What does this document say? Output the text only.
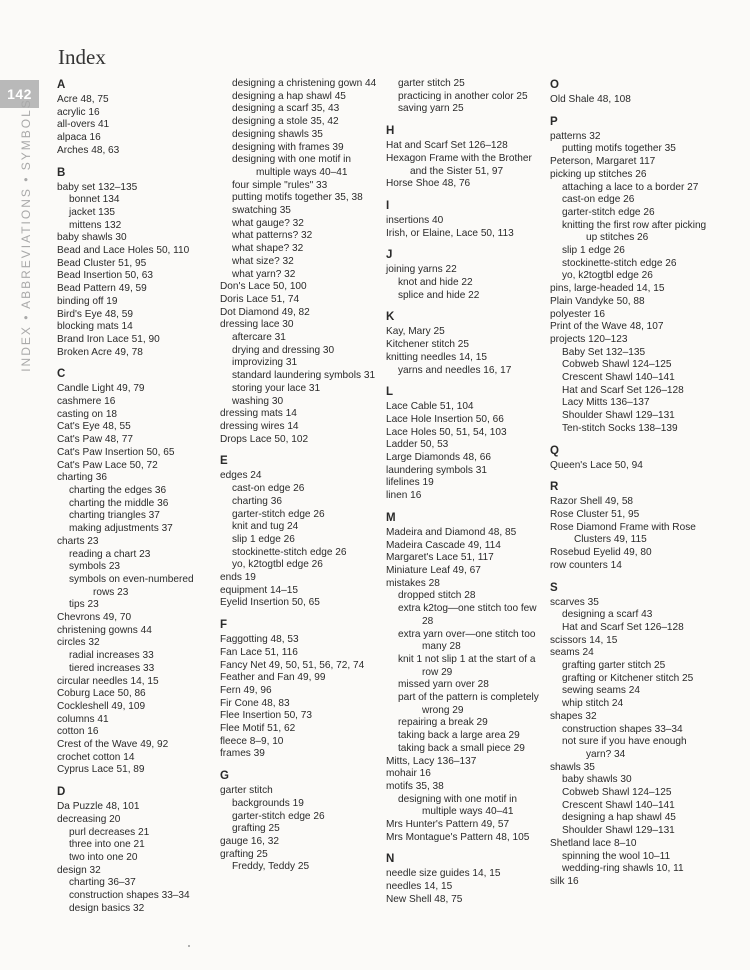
Index
142

INDEX • ABBREVIATIONS • SYMBOLS

A
Acre 48, 75
acrylic 16
all-overs 41
alpaca 16
Arches 48, 63
B
baby set 132–135
bonnet 134
jacket 135
mittens 132
baby shawls 30
Bead and Lace Holes 50, 110
Bead Cluster 51, 95
Bead Insertion 50, 63
Bead Pattern 49, 59
binding off 19
Bird's Eye 48, 59
blocking mats 14
Brand Iron Lace 51, 90
Broken Acre 49, 78
C
Candle Light 49, 79
cashmere 16
casting on 18
Cat's Eye 48, 55
Cat's Paw 48, 77
Cat's Paw Insertion 50, 65
Cat's Paw Lace 50, 72
charting 36
charting the edges 36
charting the middle 36
charting triangles 37
making adjustments 37
charts 23
reading a chart 23
symbols 23
symbols on even-numbered rows 23
tips 23
Chevrons 49, 70
christening gowns 44
circles 32
radial increases 33
tiered increases 33
circular needles 14, 15
Coburg Lace 50, 86
Cockleshell 49, 109
columns 41
cotton 16
Crest of the Wave 49, 92
crochet cotton 14
Cyprus Lace 51, 89
D
Da Puzzle 48, 101
decreasing 20
purl decreases 21
three into one 21
two into one 20
design 32
charting 36–37
construction shapes 33–34
design basics 32
designing a christening gown 44
designing a hap shawl 45
designing a scarf 35, 43
designing a stole 35, 42
designing shawls 35
designing with frames 39
designing with one motif in multiple ways 40–41
four simple "rules" 33
putting motifs together 35, 38
swatching 35
what gauge? 32
what patterns? 32
what shape? 32
what size? 32
what yarn? 32
Don's Lace 50, 100
Doris Lace 51, 74
Dot Diamond 49, 82
dressing lace 30
aftercare 31
drying and dressing 30
improvizing 31
standard laundering symbols 31
storing your lace 31
washing 30
dressing mats 14
dressing wires 14
Drops Lace 50, 102
E
edges 24
cast-on edge 26
charting 36
garter-stitch edge 26
knit and tug 24
slip 1 edge 26
stockinette-stitch edge 26
yo, k2togtbl edge 26
ends 19
equipment 14–15
Eyelid Insertion 50, 65
F
Faggotting 48, 53
Fan Lace 51, 116
Fancy Net 49, 50, 51, 56, 72, 74
Feather and Fan 49, 99
Fern 49, 96
Fir Cone 48, 83
Flee Insertion 50, 73
Flee Motif 51, 62
fleece 8–9, 10
frames 39
G
garter stitch
backgrounds 19
garter-stitch edge 26
grafting 25
gauge 16, 32
grafting 25
Freddy, Teddy 25
garter stitch 25
practicing in another color 25
saving yarn 25
H
Hat and Scarf Set 126–128
Hexagon Frame with the Brother and the Sister 51, 97
Horse Shoe 48, 76
I
insertions 40
Irish, or Elaine, Lace 50, 113
J
joining yarns 22
knot and hide 22
splice and hide 22
K
Kay, Mary 25
Kitchener stitch 25
knitting needles 14, 15
yarns and needles 16, 17
L
Lace Cable 51, 104
Lace Hole Insertion 50, 66
Lace Holes 50, 51, 54, 103
Ladder 50, 53
Large Diamonds 48, 66
laundering symbols 31
lifelines 19
linen 16
M
Madeira and Diamond 48, 85
Madeira Cascade 49, 114
Margaret's Lace 51, 117
Miniature Leaf 49, 67
mistakes 28
dropped stitch 28
extra k2tog—one stitch too few 28
extra yarn over—one stitch too many 28
knit 1 not slip 1 at the start of a row 29
missed yarn over 28
part of the pattern is completely wrong 29
repairing a break 29
taking back a large area 29
taking back a small piece 29
Mitts, Lacy 136–137
mohair 16
motifs 35, 38
designing with one motif in multiple ways 40–41
Mrs Hunter's Pattern 49, 57
Mrs Montague's Pattern 48, 105
N
needle size guides 14, 15
needles 14, 15
New Shell 48, 75
O
Old Shale 48, 108
P
patterns 32
putting motifs together 35
Peterson, Margaret 117
picking up stitches 26
attaching a lace to a border 27
cast-on edge 26
garter-stitch edge 26
knitting the first row after picking up stitches 26
slip 1 edge 26
stockinette-stitch edge 26
yo, k2togtbl edge 26
pins, large-headed 14, 15
Plain Vandyke 50, 88
polyester 16
Print of the Wave 48, 107
projects 120–123
Baby Set 132–135
Cobweb Shawl 124–125
Crescent Shawl 140–141
Hat and Scarf Set 126–128
Lacy Mitts 136–137
Shoulder Shawl 129–131
Ten-stitch Socks 138–139
Q
Queen's Lace 50, 94
R
Razor Shell 49, 58
Rose Cluster 51, 95
Rose Diamond Frame with Rose Clusters 49, 115
Rosebud Eyelid 49, 80
row counters 14
S
scarves 35
designing a scarf 43
Hat and Scarf Set 126–128
scissors 14, 15
seams 24
grafting garter stitch 25
grafting or Kitchener stitch 25
sewing seams 24
whip stitch 24
shapes 32
construction shapes 33–34
not sure if you have enough yarn? 34
shawls 35
baby shawls 30
Cobweb Shawl 124–125
Crescent Shawl 140–141
designing a hap shawl 45
Shoulder Shawl 129–131
Shetland lace 8–10
spinning the wool 10–11
wedding-ring shawls 10, 11
silk 16
